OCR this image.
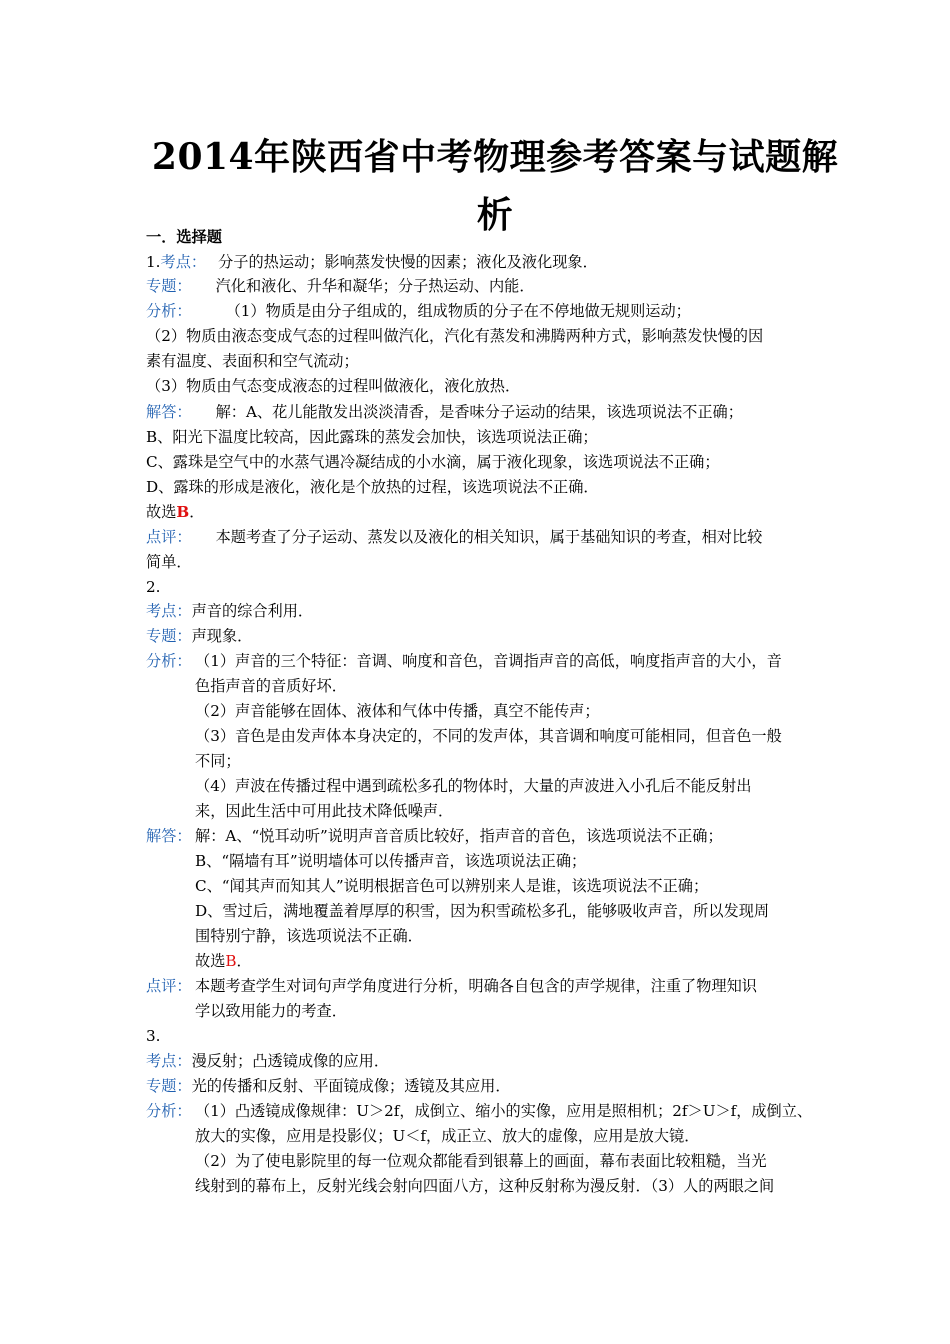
2014年陕西省中考物理参考答案与试题解
析
一．选择题
1.考点： 分子的热运动；影响蒸发快慢的因素；液化及液化现象．
专题： 汽化和液化、升华和凝华；分子热运动、内能．
分析： （1）物质是由分子组成的，组成物质的分子在不停地做无规则运动；
（2）物质由液态变成气态的过程叫做汽化，汽化有蒸发和沸腾两种方式，影响蒸发快慢的因
素有温度、表面积和空气流动；
（3）物质由气态变成液态的过程叫做液化，液化放热．
解答： 解：A、花儿能散发出淡淡清香，是香味分子运动的结果，该选项说法不正确；
B、阳光下温度比较高，因此露珠的蒸发会加快，该选项说法正确；
C、露珠是空气中的水蒸气遇冷凝结成的小水滴，属于液化现象，该选项说法不正确；
D、露珠的形成是液化，液化是个放热的过程，该选项说法不正确．
故选B．
点评： 本题考查了分子运动、蒸发以及液化的相关知识，属于基础知识的考查，相对比较
简单．
2.
考点：声音的综合利用．
专题：声现象．
分析： （1）声音的三个特征：音调、响度和音色，音调指声音的高低，响度指声音的大小，音
色指声音的音质好坏．
（2）声音能够在固体、液体和气体中传播，真空不能传声；
（3）音色是由发声体本身决定的，不同的发声体，其音调和响度可能相同，但音色一般
不同；
（4）声波在传播过程中遇到疏松多孔的物体时，大量的声波进入小孔后不能反射出
来，因此生活中可用此技术降低噪声．
解答： 解：A、“悦耳动听”说明声音音质比较好，指声音的音色，该选项说法不正确；
B、“隔墙有耳”说明墙体可以传播声音，该选项说法正确；
C、“闻其声而知其人”说明根据音色可以辨别来人是谁，该选项说法不正确；
D、雪过后，满地覆盖着厚厚的积雪，因为积雪疏松多孔，能够吸收声音，所以发现周
围特别宁静，该选项说法不正确．
故选B．
点评： 本题考查学生对词句声学角度进行分析，明确各自包含的声学规律，注重了物理知识
学以致用能力的考查．
3.
考点：漫反射；凸透镜成像的应用．
专题：光的传播和反射、平面镜成像；透镜及其应用．
分析： （1）凸透镜成像规律：U＞2f，成倒立、缩小的实像，应用是照相机；2f＞U＞f，成倒立、
放大的实像，应用是投影仪；U＜f，成正立、放大的虚像，应用是放大镜．
（2）为了使电影院里的每一位观众都能看到银幕上的画面，幕布表面比较粗糙，当光
线射到的幕布上，反射光线会射向四面八方，这种反射称为漫反射．（3）人的两眼之间
